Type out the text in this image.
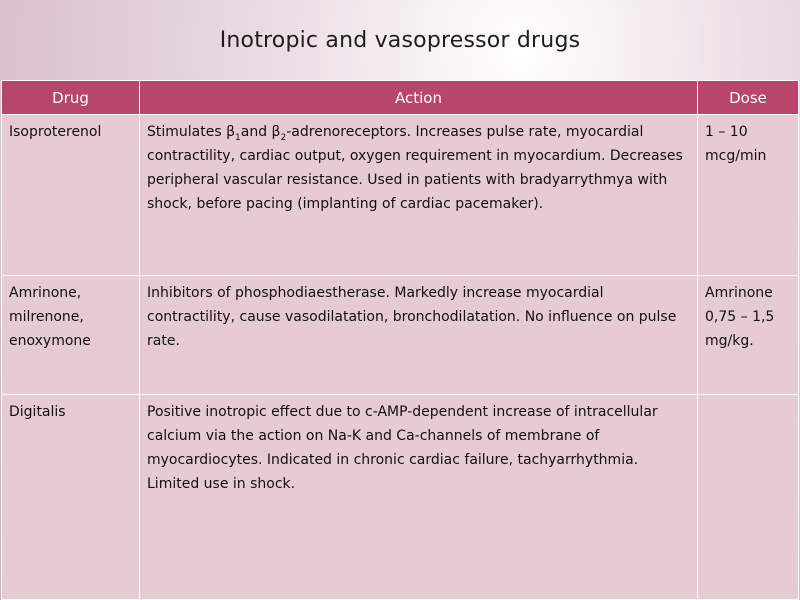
Inotropic and vasopressor drugs
Drug	Action	Dose
Isoproterenol	Stimulates $\beta_1and$ $\beta_2$-adrenoreceptors. Increases pulse rate, myocardial contractility, cardiac output, oxygen requirement in myocardium. Decreases peripheral vascular resistance. Used in patients with bradyarrythmya with shock, before pacing (implanting of cardiac pacemaker).	1 – 10 mcg/min
Amrinone, milrenone, enoxymone	Inhibitors of phosphodiaestherase. Markedly increase myocardial contractility, cause vasodilatation, bronchodilatation. No influence on pulse rate.	Amrinone 0,75 – 1,5 mg/kg.
Digitalis	Positive inotropic effect due to c-AMP-dependent increase of intracellular calcium via the action on Na-K and Ca-channels of membrane of myocardiocytes. Indicated in chronic cardiac failure, tachyarrhythmia. Limited use in shock.	
